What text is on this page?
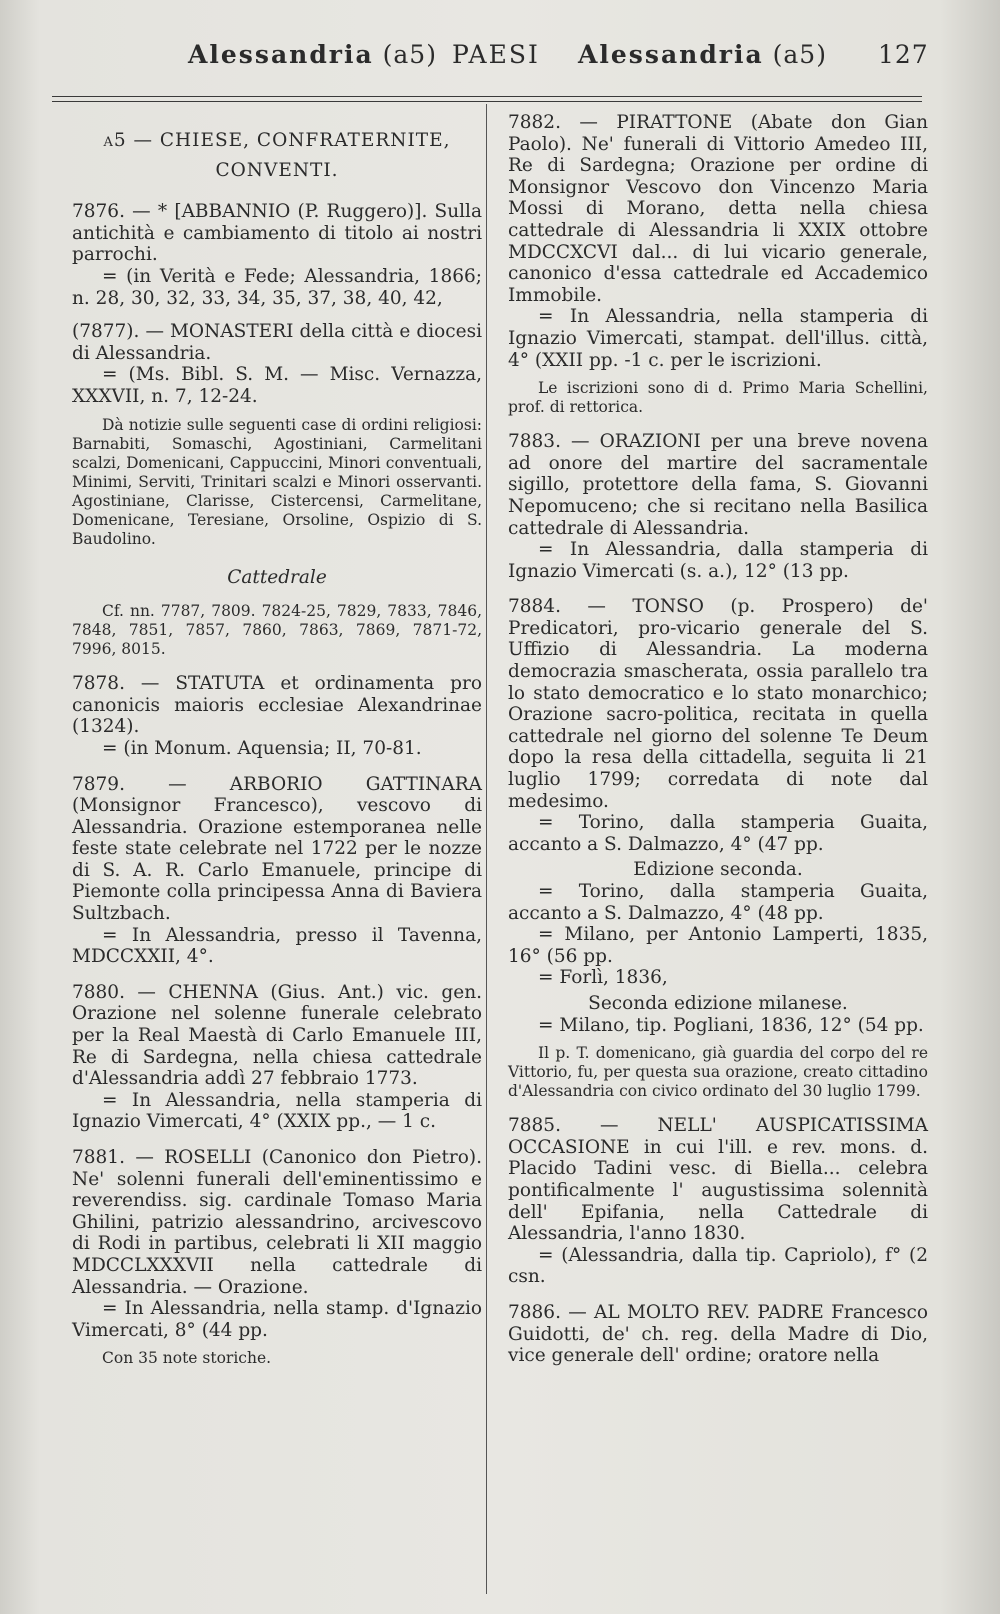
Alessandria (a5) PAESI Alessandria (a5) 127

a5 — CHIESE, CONFRATERNITE,

CONVENTI.

7876. — * [ABBANNIO (P. Ruggero)]. Sulla antichità e cambiamento di titolo ai nostri parrochi.

= (in Verità e Fede; Alessandria, 1866; n. 28, 30, 32, 33, 34, 35, 37, 38, 40, 42,

(7877). — MONASTERI della città e diocesi di Alessandria.

= (Ms. Bibl. S. M. — Misc. Vernazza, XXXVII, n. 7, 12-24.

Dà notizie sulle seguenti case di ordini religiosi: Barnabiti, Somaschi, Agostiniani, Carmelitani scalzi, Domenicani, Cappuccini, Minori conventuali, Minimi, Serviti, Trinitari scalzi e Minori osservanti. Agostiniane, Clarisse, Cistercensi, Carmelitane, Domenicane, Teresiane, Orsoline, Ospizio di S. Baudolino.

Cattedrale

Cf. nn. 7787, 7809. 7824-25, 7829, 7833, 7846, 7848, 7851, 7857, 7860, 7863, 7869, 7871-72, 7996, 8015.

7878. — STATUTA et ordinamenta pro canonicis maioris ecclesiae Alexandrinae (1324).

= (in Monum. Aquensia; II, 70-81.

7879. — ARBORIO GATTINARA (Monsignor Francesco), vescovo di Alessandria. Orazione estemporanea nelle feste state celebrate nel 1722 per le nozze di S. A. R. Carlo Emanuele, principe di Piemonte colla principessa Anna di Baviera Sultzbach.

= In Alessandria, presso il Tavenna, MDCCXXII, 4°.

7880. — CHENNA (Gius. Ant.) vic. gen. Orazione nel solenne funerale celebrato per la Real Maestà di Carlo Emanuele III, Re di Sardegna, nella chiesa cattedrale d'Alessandria addì 27 febbraio 1773.

= In Alessandria, nella stamperia di Ignazio Vimercati, 4° (XXIX pp., — 1 c.

7881. — ROSELLI (Canonico don Pietro). Ne' solenni funerali dell'eminentissimo e reverendiss. sig. cardinale Tomaso Maria Ghilini, patrizio alessandrino, arcivescovo di Rodi in partibus, celebrati li XII maggio MDCCLXXXVII nella cattedrale di Alessandria. — Orazione.

= In Alessandria, nella stamp. d'Ignazio Vimercati, 8° (44 pp.

Con 35 note storiche.

7882. — PIRATTONE (Abate don Gian Paolo). Ne' funerali di Vittorio Amedeo III, Re di Sardegna; Orazione per ordine di Monsignor Vescovo don Vincenzo Maria Mossi di Morano, detta nella chiesa cattedrale di Alessandria li XXIX ottobre MDCCXCVI dal... di lui vicario generale, canonico d'essa cattedrale ed Accademico Immobile.

= In Alessandria, nella stamperia di Ignazio Vimercati, stampat. dell'illus. città, 4° (XXII pp. -1 c. per le iscrizioni.

Le iscrizioni sono di d. Primo Maria Schellini, prof. di rettorica.

7883. — ORAZIONI per una breve novena ad onore del martire del sacramentale sigillo, protettore della fama, S. Giovanni Nepomuceno; che si recitano nella Basilica cattedrale di Alessandria.

= In Alessandria, dalla stamperia di Ignazio Vimercati (s. a.), 12° (13 pp.

7884. — TONSO (p. Prospero) de' Predicatori, pro-vicario generale del S. Uffizio di Alessandria. La moderna democrazia smascherata, ossia parallelo tra lo stato democratico e lo stato monarchico; Orazione sacro-politica, recitata in quella cattedrale nel giorno del solenne Te Deum dopo la resa della cittadella, seguita li 21 luglio 1799; corredata di note dal medesimo.

= Torino, dalla stamperia Guaita, accanto a S. Dalmazzo, 4° (47 pp.

Edizione seconda.

= Torino, dalla stamperia Guaita, accanto a S. Dalmazzo, 4° (48 pp.

= Milano, per Antonio Lamperti, 1835, 16° (56 pp.

= Forlì, 1836,

Seconda edizione milanese.

= Milano, tip. Pogliani, 1836, 12° (54 pp.

Il p. T. domenicano, già guardia del corpo del re Vittorio, fu, per questa sua orazione, creato cittadino d'Alessandria con civico ordinato del 30 luglio 1799.

7885. — NELL' AUSPICATISSIMA OCCASIONE in cui l'ill. e rev. mons. d. Placido Tadini vesc. di Biella... celebra pontificalmente l' augustissima solennità dell' Epifania, nella Cattedrale di Alessandria, l'anno 1830.

= (Alessandria, dalla tip. Capriolo), f° (2 csn.

7886. — AL MOLTO REV. PADRE Francesco Guidotti, de' ch. reg. della Madre di Dio, vice generale dell' ordine; oratore nella
